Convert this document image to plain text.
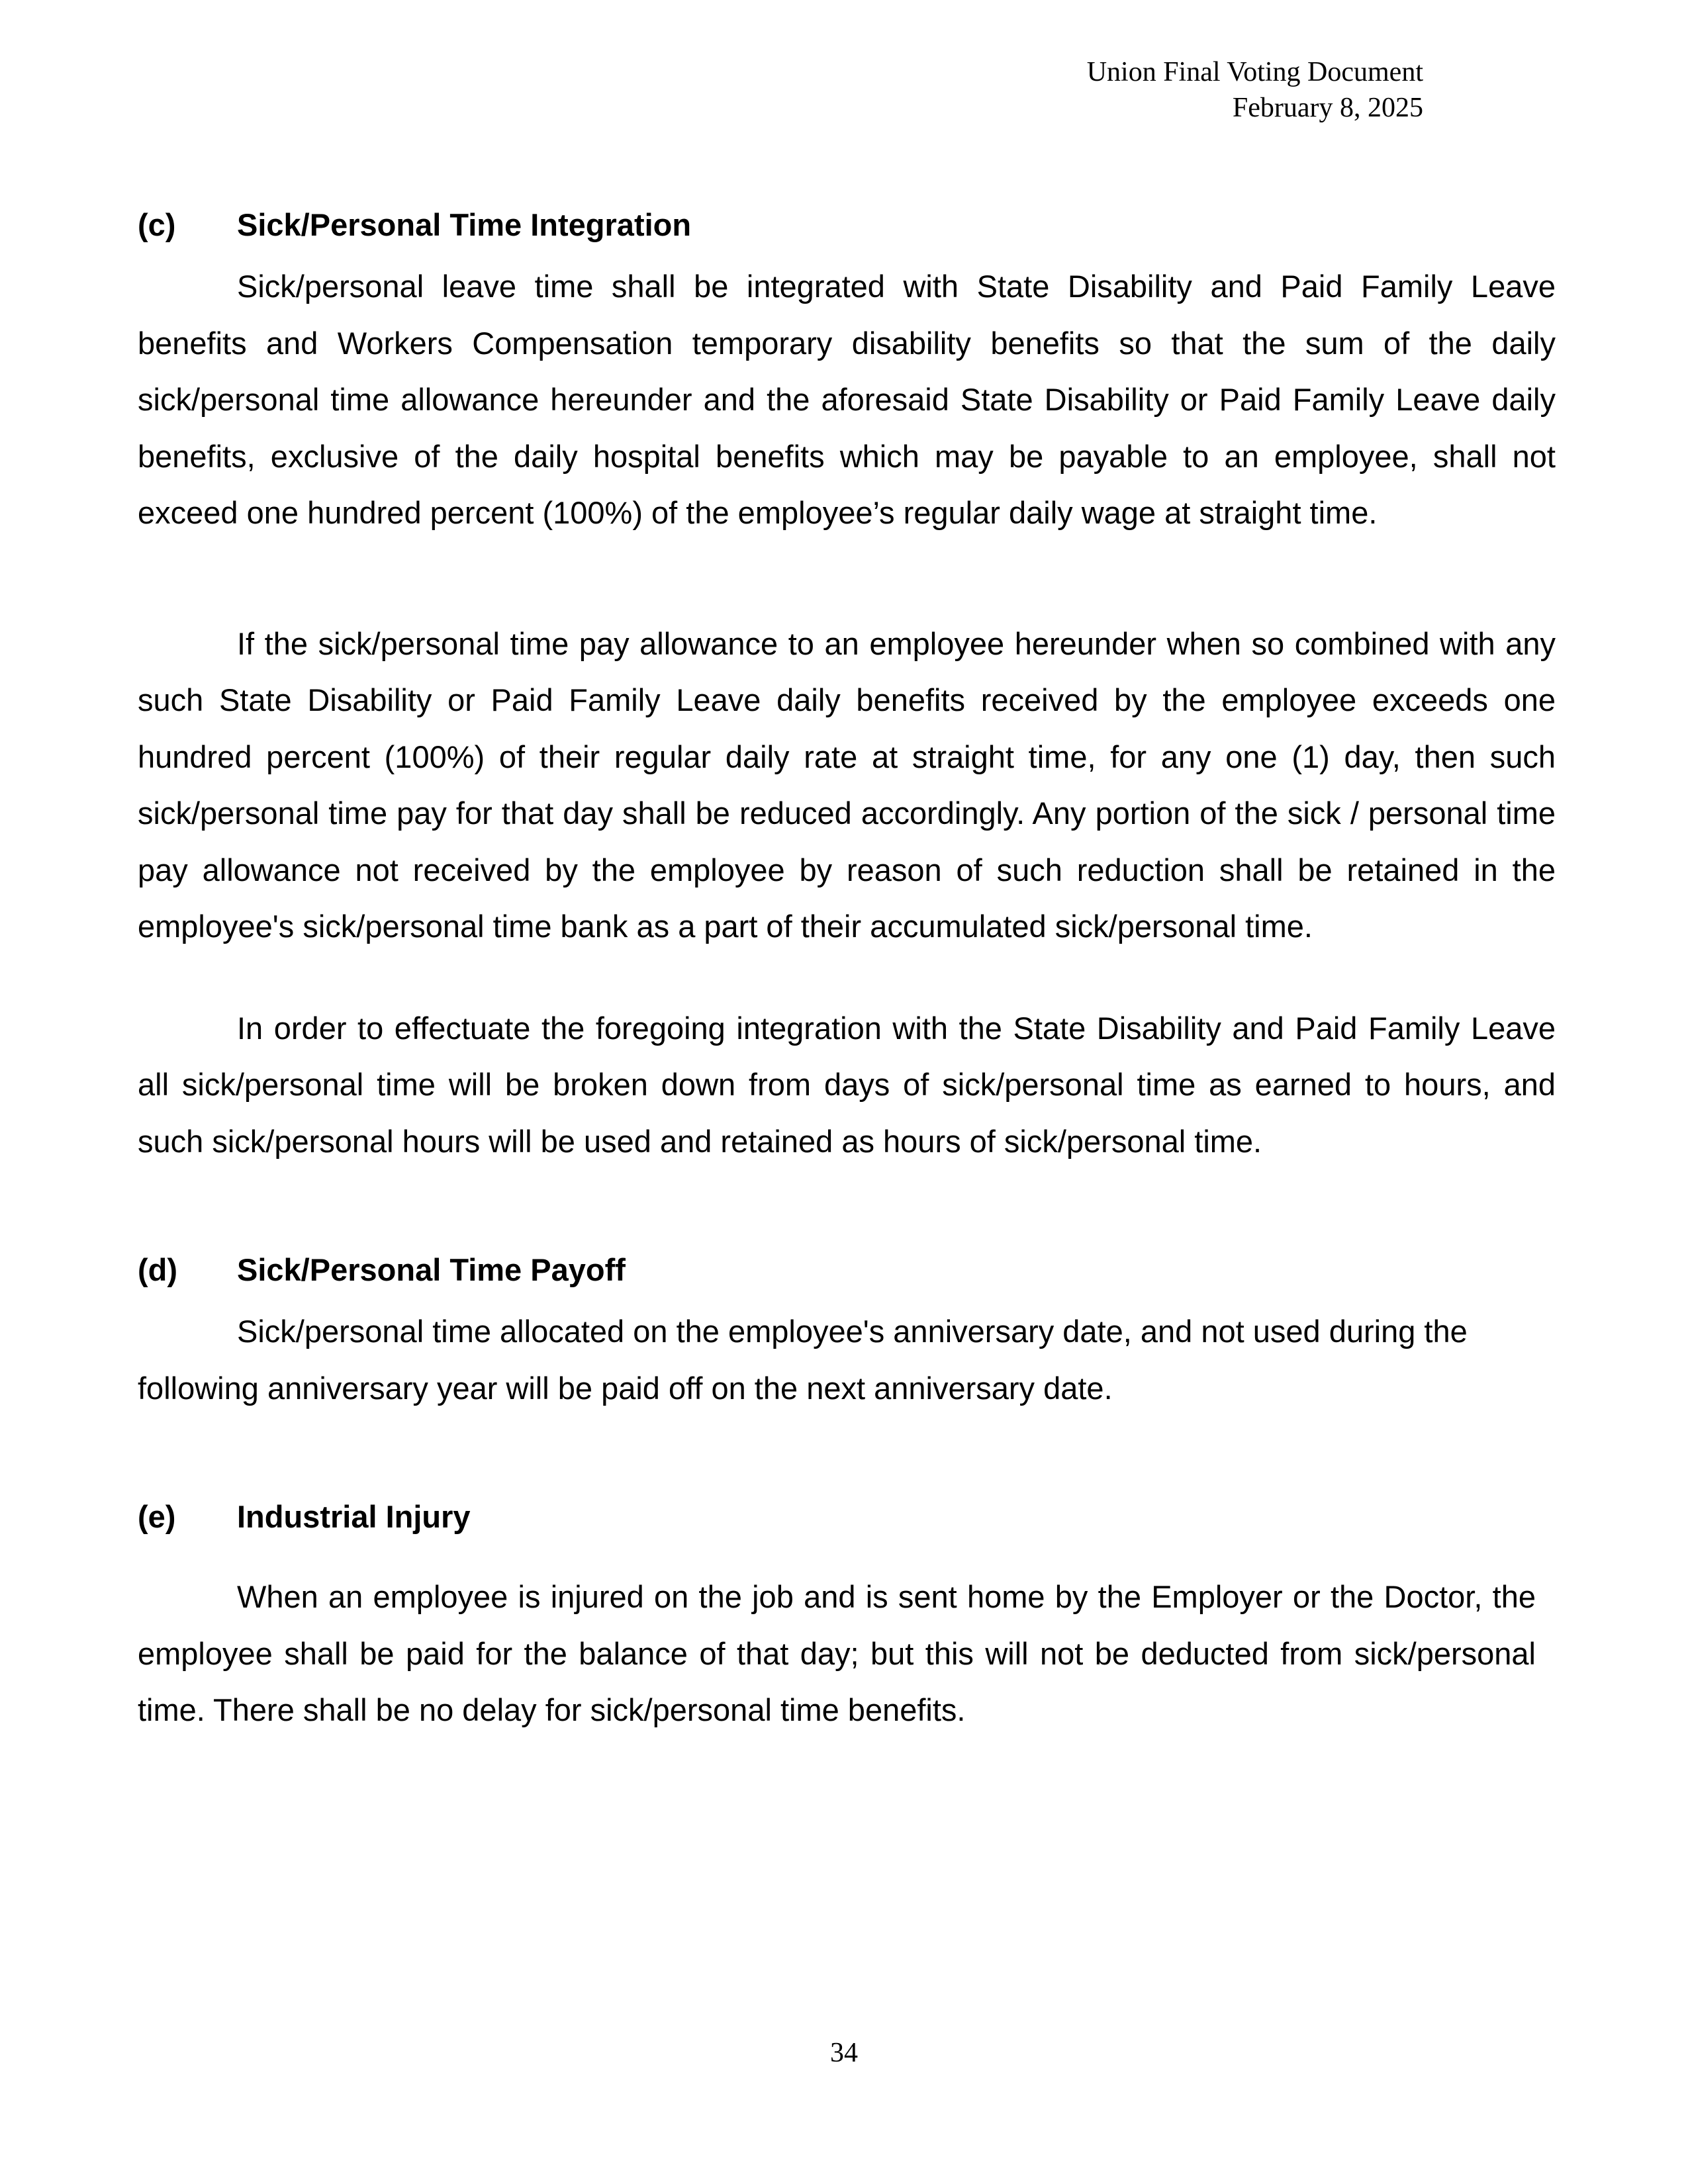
Union Final Voting Document
February 8, 2025
(c)	Sick/Personal Time Integration

Sick/personal leave time shall be integrated with State Disability and Paid Family Leave benefits and Workers Compensation temporary disability benefits so that the sum of the daily sick/personal time allowance hereunder and the aforesaid State Disability or Paid Family Leave daily benefits, exclusive of the daily hospital benefits which may be payable to an employee, shall not exceed one hundred percent (100%) of the employee’s regular daily wage at straight time.

If the sick/personal time pay allowance to an employee hereunder when so combined with any such State Disability or Paid Family Leave daily benefits received by the employee exceeds one hundred percent (100%) of their regular daily rate at straight time, for any one (1) day, then such sick/personal time pay for that day shall be reduced accordingly. Any portion of the sick / personal time pay allowance not received by the employee by reason of such reduction shall be retained in the employee's sick/personal time bank as a part of their accumulated sick/personal time.

In order to effectuate the foregoing integration with the State Disability and Paid Family Leave all sick/personal time will be broken down from days of sick/personal time as earned to hours, and such sick/personal hours will be used and retained as hours of sick/personal time.

(d)	Sick/Personal Time Payoff

Sick/personal time allocated on the employee's anniversary date, and not used during the following anniversary year will be paid off on the next anniversary date.

(e)	Industrial Injury

When an employee is injured on the job and is sent home by the Employer or the Doctor, the employee shall be paid for the balance of that day; but this will not be deducted from sick/personal time. There shall be no delay for sick/personal time benefits.

34
